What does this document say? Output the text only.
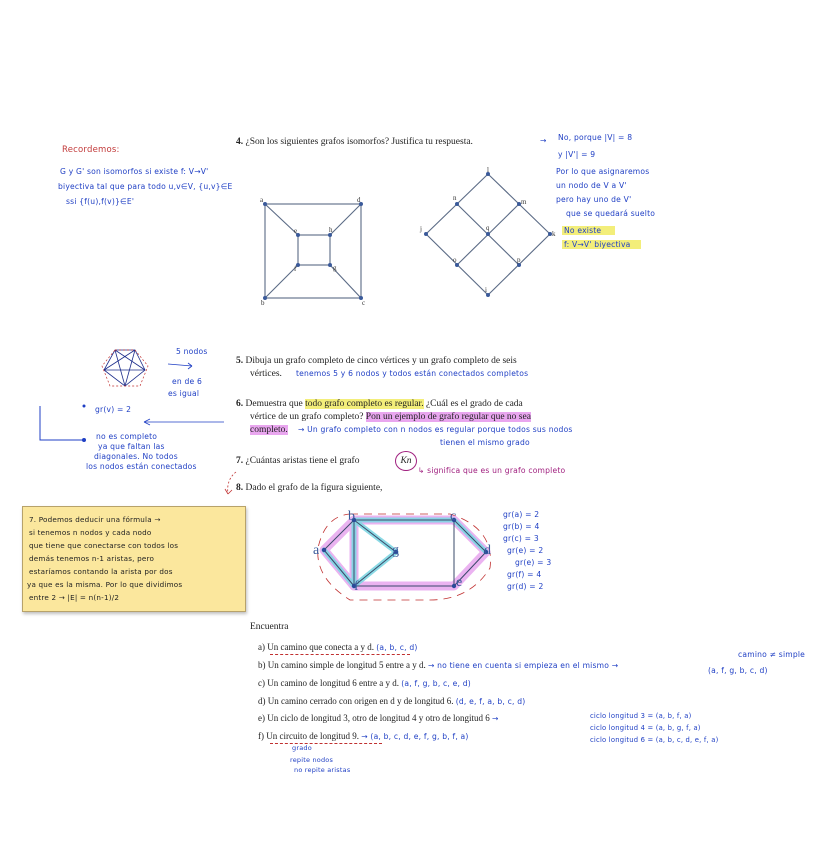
Recordemos:
G y G' son isomorfos si existe f: V→V'
biyectiva tal que para todo u,v∈V, {u,v}∈E
ssi {f(u),f(v)}∈E'
4. ¿Son los siguientes grafos isomorfos? Justifica tu respuesta.	→ No, porque |V| = 8
y |V'| = 9
Por lo que asignaremos
un nodo de V a V'
pero hay uno de V'
que se quedará suelto
No existe
f: V→V' biyectiva
a	d
e	h
f	g
b	c
l
n	m
j	q
k
o	p
i
5 nodos
en de 6
es igual
5. Dibuja un grafo completo de cinco vértices y un grafo completo de seis
vértices. tenemos 5 y 6 nodos y todos están conectados completos
gr(v) = 2
no es completo
ya que faltan las
diagonales. No todos
los nodos están conectados
6. Demuestra que todo grafo completo es regular. ¿Cuál es el grado de cada
vértice de un grafo completo? Pon un ejemplo de grafo regular que no sea
completo. → Un grafo completo con n nodos es regular porque todos sus nodos
tienen el mismo grado
7. ¿Cuántas aristas tiene el grafo	Kn
↳ significa que es un grafo completo
8. Dado el grafo de la figura siguiente,
a
b	c
d
e
f
g
gr(a) = 2
gr(b) = 4
gr(c) = 3
gr(e) = 2
gr(e) = 3
gr(f) = 4
gr(d) = 2
Encuentra
a) Un camino que conecta a y d. (a, b, c, d)
b) Un camino simple de longitud 5 entre a y d. → no tiene en cuenta si empieza en el mismo →
camino ≠ simple
(a, f, g, b, c, d)
c) Un camino de longitud 6 entre a y d. (a, f, g, b, c, e, d)
d) Un camino cerrado con origen en d y de longitud 6. (d, e, f, a, b, c, d)
e) Un ciclo de longitud 3, otro de longitud 4 y otro de longitud 6 →	ciclo longitud 3 = (a, b, f, a)
ciclo longitud 4 = (a, b, g, f, a)
ciclo longitud 6 = (a, b, c, d, e, f, a)
f) Un circuito de longitud 9. → (a, b, c, d, e, f, g, b, f, a)
grado
repite nodos
no repite aristas
7. Podemos deducir una fórmula →
si tenemos n nodos y cada nodo
que tiene que conectarse con todos los
demás tenemos n-1 aristas, pero
estaríamos contando la arista por dos
ya que es la misma. Por lo que dividimos
entre 2 → |E| = n(n-1)/2
